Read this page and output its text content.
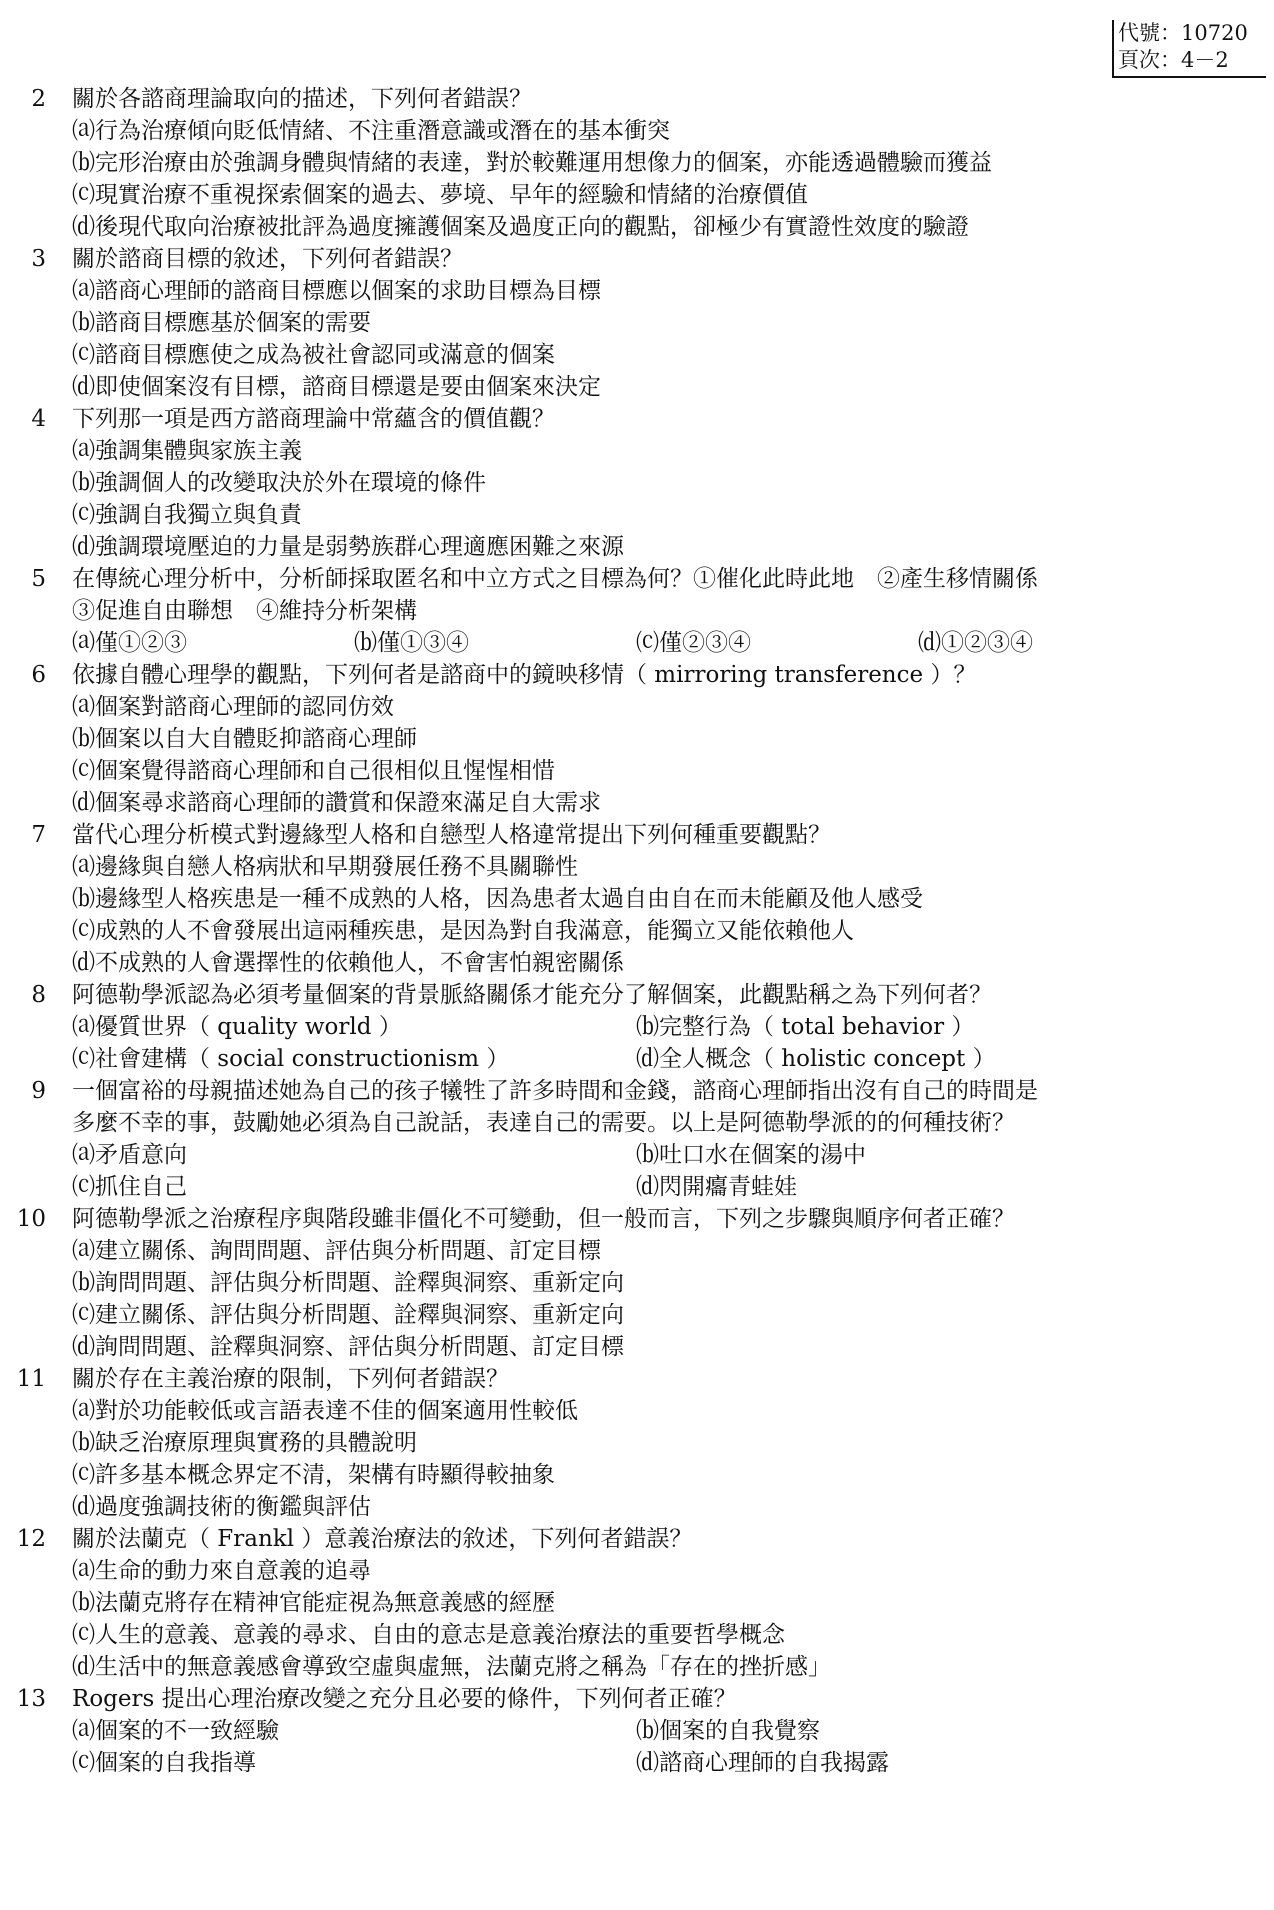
代號：10720
頁次：4－2
2 關於各諮商理論取向的描述，下列何者錯誤？
⒜行為治療傾向貶低情緒、不注重潛意識或潛在的基本衝突
⒝完形治療由於強調身體與情緒的表達，對於較難運用想像力的個案，亦能透過體驗而獲益
⒞現實治療不重視探索個案的過去、夢境、早年的經驗和情緒的治療價值
⒟後現代取向治療被批評為過度擁護個案及過度正向的觀點，卻極少有實證性效度的驗證
3 關於諮商目標的敘述，下列何者錯誤？
⒜諮商心理師的諮商目標應以個案的求助目標為目標
⒝諮商目標應基於個案的需要
⒞諮商目標應使之成為被社會認同或滿意的個案
⒟即使個案沒有目標，諮商目標還是要由個案來決定
4 下列那一項是西方諮商理論中常蘊含的價值觀？
⒜強調集體與家族主義
⒝強調個人的改變取決於外在環境的條件
⒞強調自我獨立與負責
⒟強調環境壓迫的力量是弱勢族群心理適應困難之來源
5 在傳統心理分析中，分析師採取匿名和中立方式之目標為何？①催化此時此地　②產生移情關係
③促進自由聯想　④維持分析架構
⒜僅①②③	⒝僅①③④	⒞僅②③④	⒟①②③④
6 依據自體心理學的觀點，下列何者是諮商中的鏡映移情（ mirroring transference ）？
⒜個案對諮商心理師的認同仿效
⒝個案以自大自體貶抑諮商心理師
⒞個案覺得諮商心理師和自己很相似且惺惺相惜
⒟個案尋求諮商心理師的讚賞和保證來滿足自大需求
7 當代心理分析模式對邊緣型人格和自戀型人格違常提出下列何種重要觀點？
⒜邊緣與自戀人格病狀和早期發展任務不具關聯性
⒝邊緣型人格疾患是一種不成熟的人格，因為患者太過自由自在而未能顧及他人感受
⒞成熟的人不會發展出這兩種疾患，是因為對自我滿意，能獨立又能依賴他人
⒟不成熟的人會選擇性的依賴他人，不會害怕親密關係
8 阿德勒學派認為必須考量個案的背景脈絡關係才能充分了解個案，此觀點稱之為下列何者？
⒜優質世界（ quality world ）	⒝完整行為（ total behavior ）
⒞社會建構（ social constructionism ）	⒟全人概念（ holistic concept ）
9 一個富裕的母親描述她為自己的孩子犧牲了許多時間和金錢，諮商心理師指出沒有自己的時間是
多麼不幸的事，鼓勵她必須為自己說話，表達自己的需要。以上是阿德勒學派的的何種技術？
⒜矛盾意向	⒝吐口水在個案的湯中
⒞抓住自己	⒟閃開癟青蛙娃
10 阿德勒學派之治療程序與階段雖非僵化不可變動，但一般而言，下列之步驟與順序何者正確？
⒜建立關係、詢問問題、評估與分析問題、訂定目標
⒝詢問問題、評估與分析問題、詮釋與洞察、重新定向
⒞建立關係、評估與分析問題、詮釋與洞察、重新定向
⒟詢問問題、詮釋與洞察、評估與分析問題、訂定目標
11 關於存在主義治療的限制，下列何者錯誤？
⒜對於功能較低或言語表達不佳的個案適用性較低
⒝缺乏治療原理與實務的具體說明
⒞許多基本概念界定不清，架構有時顯得較抽象
⒟過度強調技術的衡鑑與評估
12 關於法蘭克（ Frankl ）意義治療法的敘述，下列何者錯誤？
⒜生命的動力來自意義的追尋
⒝法蘭克將存在精神官能症視為無意義感的經歷
⒞人生的意義、意義的尋求、自由的意志是意義治療法的重要哲學概念
⒟生活中的無意義感會導致空虛與虛無，法蘭克將之稱為「存在的挫折感」
13 Rogers 提出心理治療改變之充分且必要的條件，下列何者正確？
⒜個案的不一致經驗	⒝個案的自我覺察
⒞個案的自我指導	⒟諮商心理師的自我揭露
